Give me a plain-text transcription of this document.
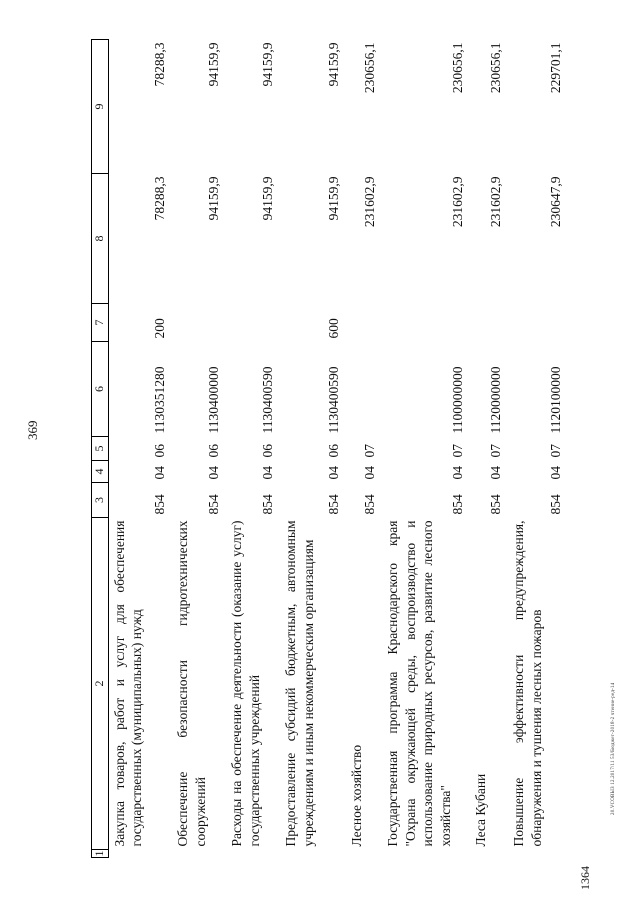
369
1364
20.VСОВЫЗ 12.2017/11 53/Бюджет-2018-2 чтение-ред-14
1	2	3	4	5	6	7	8	9
	Закупка товаров, работ и услуг для обеспечения государственных (муниципальных) нужд	854	04	06	1130351280	200	78288,3	78288,3
	Обеспечение безопасности гидротехнических сооружений	854	04	06	1130400000		94159,9	94159,9
	Расходы на обеспечение деятельности (оказание услуг) государственных учреждений	854	04	06	1130400590		94159,9	94159,9
	Предоставление субсидий бюджетным, автономным учреждениям и иным некоммерческим организациям	854	04	06	1130400590	600	94159,9	94159,9
	Лесное хозяйство	854	04	07			231602,9	230656,1
	Государственная программа Краснодарского края "Охрана окружающей среды, воспроизводство и использование природных ресурсов, развитие лесного хозяйства"	854	04	07	1100000000		231602,9	230656,1
	Леса Кубани	854	04	07	1120000000		231602,9	230656,1
	Повышение эффективности предупреждения, обнаружения и тушения лесных пожаров	854	04	07	1120100000		230647,9	229701,1
